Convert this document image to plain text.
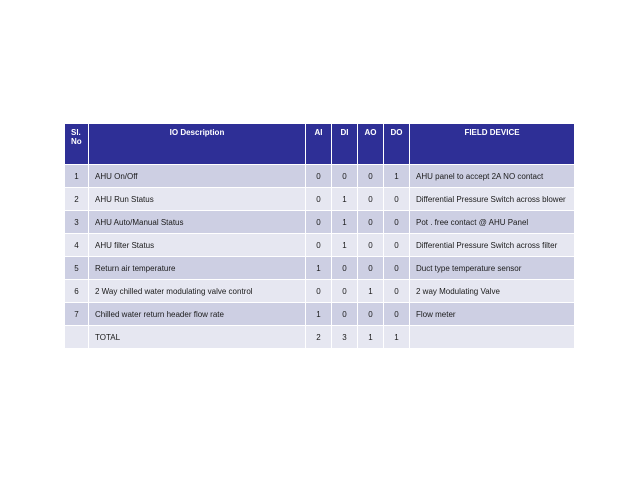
Sl. No	IO Description	AI	DI	AO	DO	FIELD DEVICE
1	AHU On/Off	0	0	0	1	AHU panel to accept 2A NO contact
2	AHU Run Status	0	1	0	0	Differential Pressure Switch across blower
3	AHU Auto/Manual Status	0	1	0	0	Pot . free contact @ AHU Panel
4	AHU filter Status	0	1	0	0	Differential Pressure Switch across filter
5	Return air temperature	1	0	0	0	Duct type temperature sensor
6	2 Way chilled water modulating valve control	0	0	1	0	2 way Modulating Valve
7	Chilled water return header flow rate	1	0	0	0	Flow meter
	TOTAL	2	3	1	1	
